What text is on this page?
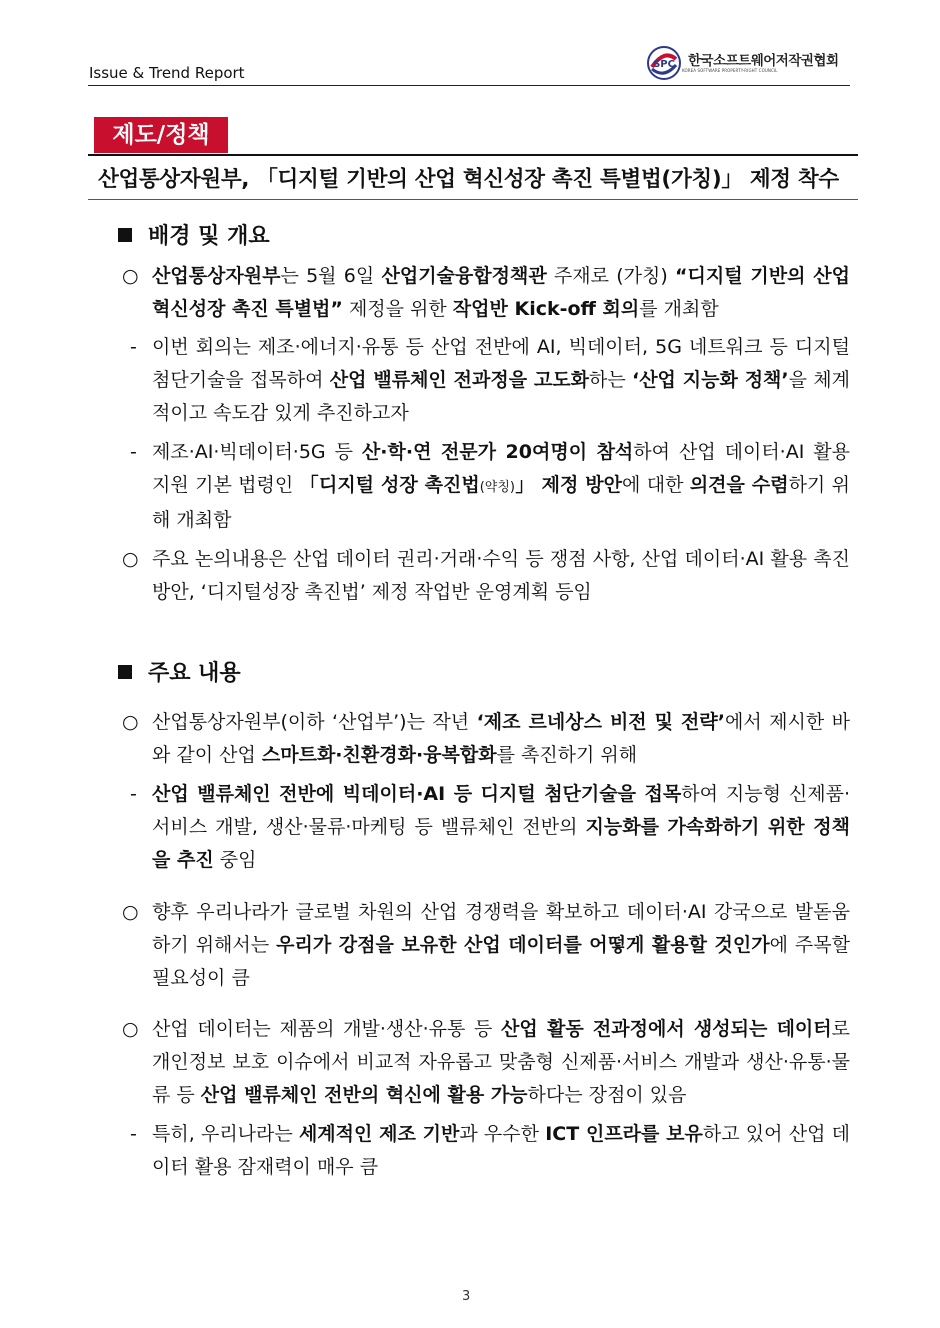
Issue & Trend Report	SPC 한국소프트웨어저작권협회
KOREA SOFTWARE PROPERTY-RIGHT COUNCIL
제도/정책
산업통상자원부, 「디지털 기반의 산업 혁신성장 촉진 특별법(가칭)」 제정 착수
배경 및 개요
○ 산업통상자원부는 5월 6일 산업기술융합정책관 주재로 (가칭) “디지털 기반의 산업 혁신성장 촉진 특별법” 제정을 위한 작업반 Kick-off 회의를 개최함
- 이번 회의는 제조·에너지·유통 등 산업 전반에 AI, 빅데이터, 5G 네트워크 등 디지털 첨단기술을 접목하여 산업 밸류체인 전과정을 고도화하는 ‘산업 지능화 정책’을 체계적이고 속도감 있게 추진하고자
- 제조·AI·빅데이터·5G 등 산·학·연 전문가 20여명이 참석하여 산업 데이터·AI 활용 지원 기본 법령인 「디지털 성장 촉진법(약칭)」 제정 방안에 대한 의견을 수렴하기 위해 개최함
○ 주요 논의내용은 산업 데이터 권리·거래·수익 등 쟁점 사항, 산업 데이터·AI 활용 촉진 방안, ‘디지털성장 촉진법’ 제정 작업반 운영계획 등임
주요 내용
○ 산업통상자원부(이하 ‘산업부’)는 작년 ‘제조 르네상스 비전 및 전략’에서 제시한 바와 같이 산업 스마트화·친환경화·융복합화를 촉진하기 위해
- 산업 밸류체인 전반에 빅데이터·AI 등 디지털 첨단기술을 접목하여 지능형 신제품·서비스 개발, 생산·물류·마케팅 등 밸류체인 전반의 지능화를 가속화하기 위한 정책을 추진 중임
○ 향후 우리나라가 글로벌 차원의 산업 경쟁력을 확보하고 데이터·AI 강국으로 발돋움하기 위해서는 우리가 강점을 보유한 산업 데이터를 어떻게 활용할 것인가에 주목할 필요성이 큼
○ 산업 데이터는 제품의 개발·생산·유통 등 산업 활동 전과정에서 생성되는 데이터로 개인정보 보호 이슈에서 비교적 자유롭고 맞춤형 신제품·서비스 개발과 생산·유통·물류 등 산업 밸류체인 전반의 혁신에 활용 가능하다는 장점이 있음
- 특히, 우리나라는 세계적인 제조 기반과 우수한 ICT 인프라를 보유하고 있어 산업 데이터 활용 잠재력이 매우 큼
3
